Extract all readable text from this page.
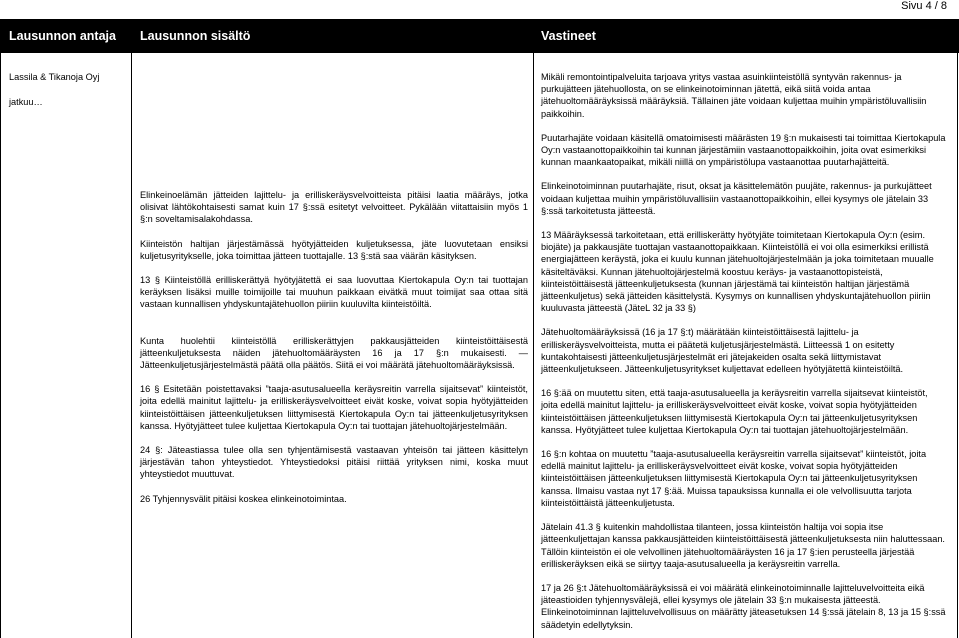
Sivu 4 / 8
Lausunnon antaja Lausunnon sisältö	Vastineet

Lassila & Tikanoja Oyj

jatkuu…

Elinkeinoelämän jätteiden lajittelu- ja erilliskeräysvelvoitteista pitäisi laatia määräys, jotka olisivat lähtökohtaisesti samat kuin 17 §:ssä esitetyt velvoitteet. Pykälään viitattaisiin myös 1 §:n soveltamisalakohdassa.

Kiinteistön haltijan järjestämässä hyötyjätteiden kuljetuksessa, jäte luovutetaan ensiksi kuljetusyritykselle, joka toimittaa jätteen tuottajalle. 13 §:stä saa väärän käsityksen.

13 § Kiinteistöllä erilliskerättyä hyötyjätettä ei saa luovuttaa Kiertokapula Oy:n tai tuottajan keräyksen lisäksi muille toimijoille tai muuhun paikkaan eivätkä muut toimijat saa ottaa sitä vastaan kunnallisen yhdyskuntajätehuollon piiriin kuuluvilta kiinteistöiltä.

Kunta huolehtii kiinteistöllä erilliskerättyjen pakkausjätteiden kiinteistöittäisestä jätteenkuljetuksesta näiden jätehuoltomääräysten 16 ja 17 §:n mukaisesti. — Jätteenkuljetusjärjestelmästä päätä olla päätös. Siitä ei voi määrätä jätehuoltomääräyksissä.

16 § Esitetään poistettavaksi ”taaja-asutusalueella keräysreitin varrella sijaitsevat” kiinteistöt, joita edellä mainitut lajittelu- ja erilliskeräysvelvoitteet eivät koske, voivat sopia hyötyjätteiden kiinteistöittäisen jätteenkuljetuksen liittymisestä Kiertokapula Oy:n tai jätteenkuljetusyrityksen kanssa. Hyötyjätteet tulee kuljettaa Kiertokapula Oy:n tai tuottajan jätehuoltojärjestelmään.

24 §: Jäteastiassa tulee olla sen tyhjentämisestä vastaavan yhteisön tai jätteen käsittelyn järjestävän tahon yhteystiedot. Yhteystiedoksi pitäisi riittää yrityksen nimi, koska muut yhteystiedot muuttuvat.

26 Tyhjennysvälit pitäisi koskea elinkeinotoimintaa.

Mikäli remontointipalveluita tarjoava yritys vastaa asuinkiinteistöllä syntyvän rakennus- ja purkujätteen jätehuollosta, on se elinkeinotoiminnan jätettä, eikä siitä voida antaa jätehuoltomääräyksissä määräyksiä. Tällainen jäte voidaan kuljettaa muihin ympäristöluvallisiin paikkoihin.

Puutarhajäte voidaan käsitellä omatoimisesti määrästen 19 §:n mukaisesti tai toimittaa Kiertokapula Oy:n vastaanottopaikkoihin tai kunnan järjestämiin vastaanottopaikkoihin, joita ovat esimerkiksi kunnan maankaatopaikat, mikäli niillä on ympäristölupa vastaanottaa puutarhajätteitä.

Elinkeinotoiminnan puutarhajäte, risut, oksat ja käsittelemätön puujäte, rakennus- ja purkujätteet voidaan kuljettaa muihin ympäristöluvallisiin vastaanottopaikkoihin, ellei kysymys ole jätelain 33 §:ssä tarkoitetusta jätteestä.

13 Määräyksessä tarkoitetaan, että erilliskerätty hyötyjäte toimitetaan Kiertokapula Oy:n (esim. biojäte) ja pakkausjäte tuottajan vastaanottopaikkaan. Kiinteistöllä ei voi olla esimerkiksi erillistä energiajätteen keräystä, joka ei kuulu kunnan jätehuoltojärjestelmään ja joka toimitetaan muualle käsiteltäväksi. Kunnan jätehuoltojärjestelmä koostuu keräys- ja vastaanottopisteistä, kiinteistöittäisestä jätteenkuljetuksesta (kunnan järjestämä tai kiinteistön haltijan järjestämä jätteenkuljetus) sekä jätteiden käsittelystä. Kysymys on kunnallisen yhdyskuntajätehuollon piiriin kuuluvasta jätteestä (JäteL 32 ja 33 §)

Jätehuoltomääräyksissä (16 ja 17 §:t) määrätään kiinteistöittäisestä lajittelu- ja erilliskeräysvelvoitteista, mutta ei päätetä kuljetusjärjestelmästä. Liitteessä 1 on esitetty kuntakohtaisesti jätteenkuljetusjärjestelmät eri jätejakeiden osalta sekä liittymistavat jätteenkuljetukseen. Jätteenkuljetusyritykset kuljettavat edelleen hyötyjätettä kiinteistöiltä.

16 §:ää on muutettu siten, että taaja-asutusalueella ja keräysreitin varrella sijaitsevat kiinteistöt, joita edellä mainitut lajittelu- ja erilliskeräysvelvoitteet eivät koske, voivat sopia hyötyjätteiden kiinteistöittäisen jätteenkuljetuksen liittymisestä Kiertokapula Oy:n tai jätteenkuljetusyrityksen kanssa. Hyötyjätteet tulee kuljettaa Kiertokapula Oy:n tai tuottajan jätehuoltojärjestelmään.

16 §:n kohtaa on muutettu ”taaja-asutusalueella keräysreitin varrella sijaitsevat” kiinteistöt, joita edellä mainitut lajittelu- ja erilliskeräysvelvoitteet eivät koske, voivat sopia hyötyjätteiden kiinteistöittäisen jätteenkuljetuksen liittymisestä Kiertokapula Oy:n tai jätteenkuljetusyrityksen kanssa. Ilmaisu vastaa nyt 17 §:ää. Muissa tapauksissa kunnalla ei ole velvollisuutta tarjota kiinteistöittäistä jätteenkuljetusta.

Jätelain 41.3 § kuitenkin mahdollistaa tilanteen, jossa kiinteistön haltija voi sopia itse jätteenkuljettajan kanssa pakkausjätteiden kiinteistöittäisestä jätteenkuljetuksesta niin haluttessaan. Tällöin kiinteistön ei ole velvollinen jätehuoltomääräysten 16 ja 17 §:ien perusteella järjestää erilliskeräyksen eikä se siirtyy taaja-asutusalueella ja keräysreitin varrella.

17 ja 26 §:t Jätehuoltomääräyksissä ei voi määrätä elinkeinotoiminnalle lajitteluvelvoitteita eikä jäteastioiden tyhjennysvälejä, ellei kysymys ole jätelain 33 §:n mukaisesta jätteestä. Elinkeinotoiminnan lajitteluvelvollisuus on määrätty jäteasetuksen 14 §:ssä jätelain 8, 13 ja 15 §:ssä säädetyin edellytyksin.
